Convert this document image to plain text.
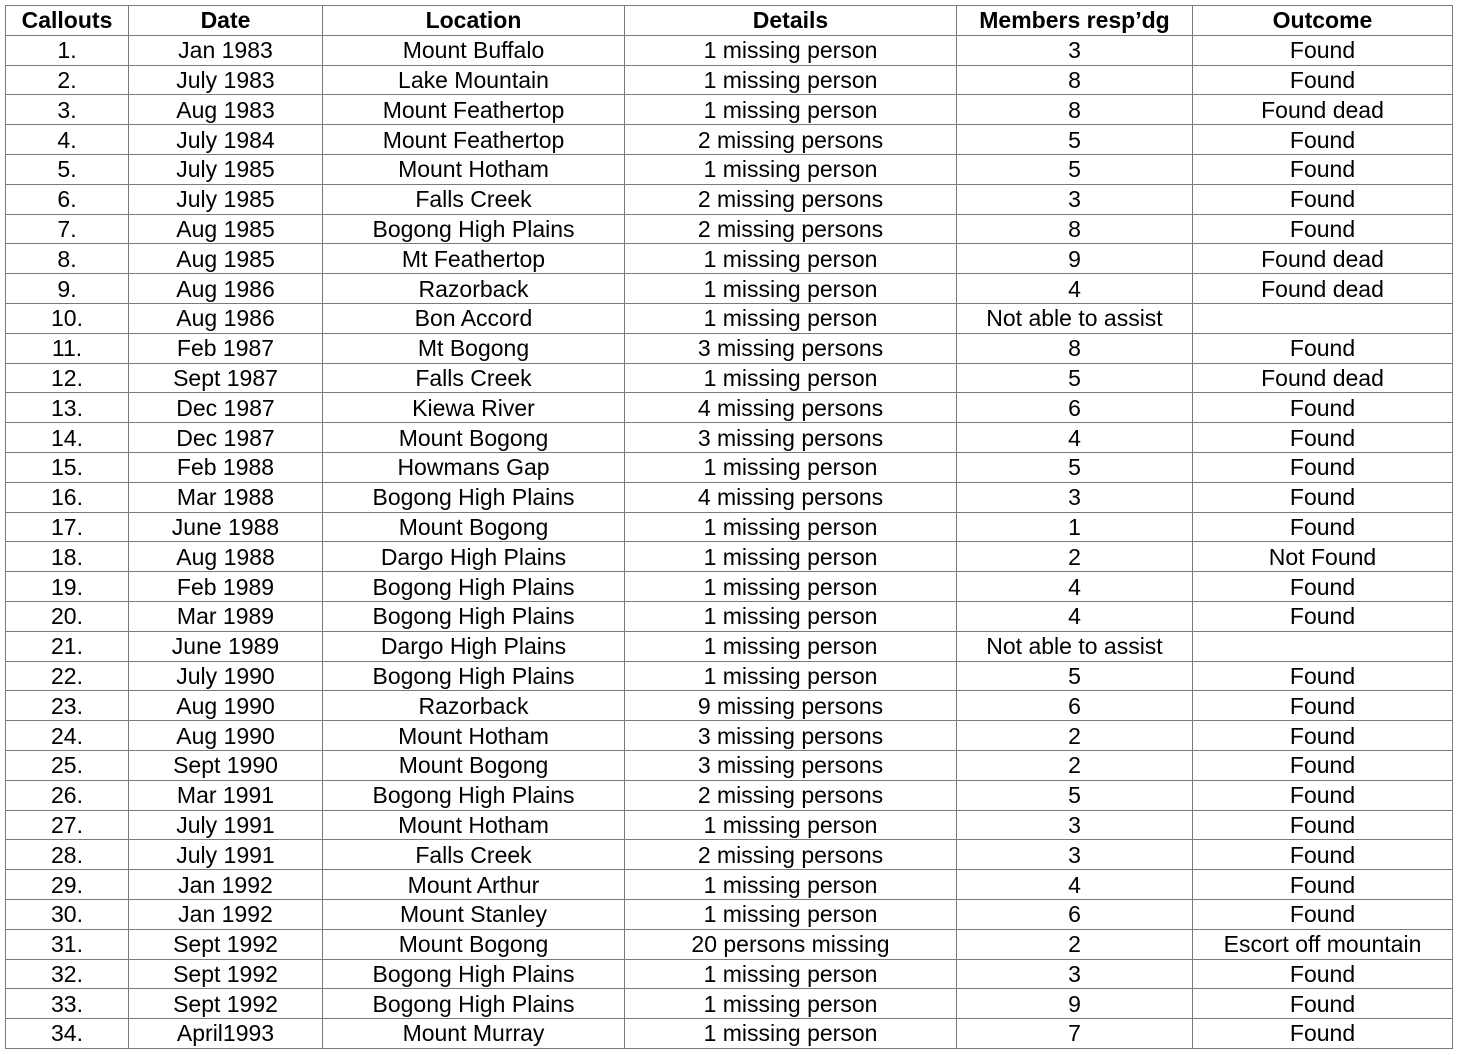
Callouts	Date	Location	Details	Members resp’dg	Outcome
1.	Jan 1983	Mount Buffalo	1 missing person	3	Found
2.	July 1983	Lake Mountain	1 missing person	8	Found
3.	Aug 1983	Mount Feathertop	1 missing person	8	Found dead
4.	July 1984	Mount Feathertop	2 missing persons	5	Found
5.	July 1985	Mount Hotham	1 missing person	5	Found
6.	July 1985	Falls Creek	2 missing persons	3	Found
7.	Aug 1985	Bogong High Plains	2 missing persons	8	Found
8.	Aug 1985	Mt Feathertop	1 missing person	9	Found dead
9.	Aug 1986	Razorback	1 missing person	4	Found dead
10.	Aug 1986	Bon Accord	1 missing person	Not able to assist	
11.	Feb 1987	Mt Bogong	3 missing persons	8	Found
12.	Sept 1987	Falls Creek	1 missing person	5	Found dead
13.	Dec 1987	Kiewa River	4 missing persons	6	Found
14.	Dec 1987	Mount Bogong	3 missing persons	4	Found
15.	Feb 1988	Howmans Gap	1 missing person	5	Found
16.	Mar 1988	Bogong High Plains	4 missing persons	3	Found
17.	June 1988	Mount Bogong	1 missing person	1	Found
18.	Aug 1988	Dargo High Plains	1 missing person	2	Not Found
19.	Feb 1989	Bogong High Plains	1 missing person	4	Found
20.	Mar 1989	Bogong High Plains	1 missing person	4	Found
21.	June 1989	Dargo High Plains	1 missing person	Not able to assist	
22.	July 1990	Bogong High Plains	1 missing person	5	Found
23.	Aug 1990	Razorback	9 missing persons	6	Found
24.	Aug 1990	Mount Hotham	3 missing persons	2	Found
25.	Sept 1990	Mount Bogong	3 missing persons	2	Found
26.	Mar 1991	Bogong High Plains	2 missing persons	5	Found
27.	July 1991	Mount Hotham	1 missing person	3	Found
28.	July 1991	Falls Creek	2 missing persons	3	Found
29.	Jan 1992	Mount Arthur	1 missing person	4	Found
30.	Jan 1992	Mount Stanley	1 missing person	6	Found
31.	Sept 1992	Mount Bogong	20 persons missing	2	Escort off mountain
32.	Sept 1992	Bogong High Plains	1 missing person	3	Found
33.	Sept 1992	Bogong High Plains	1 missing person	9	Found
34.	April1993	Mount Murray	1 missing person	7	Found
